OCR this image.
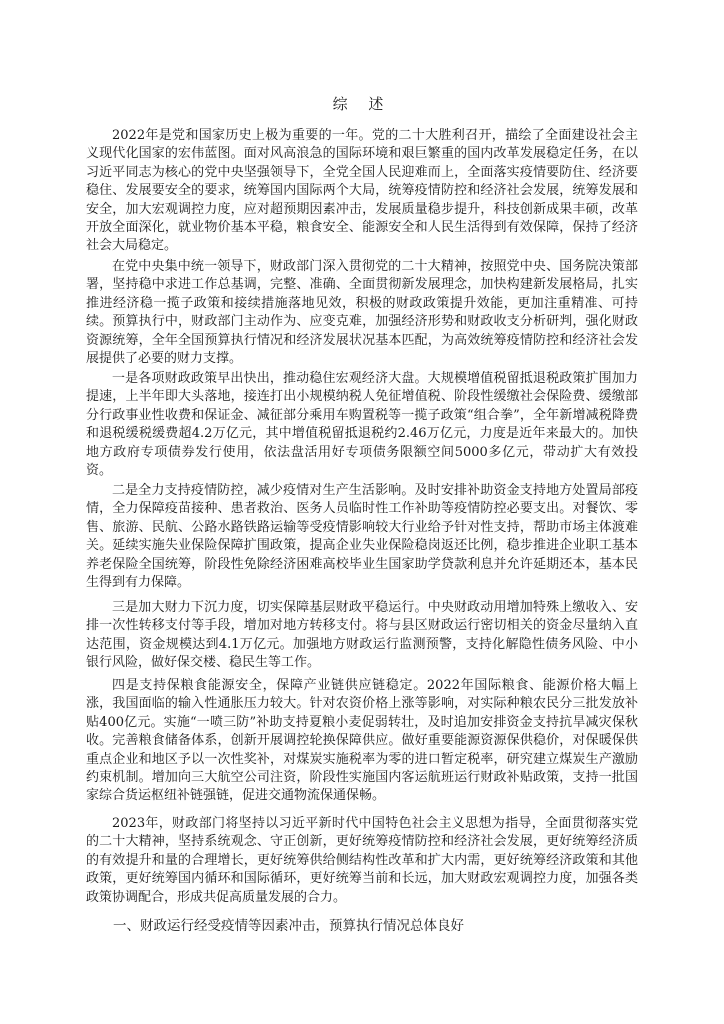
综 述

2022年是党和国家历史上极为重要的一年。党的二十大胜利召开，描绘了全面建设社会主义现代化国家的宏伟蓝图。面对风高浪急的国际环境和艰巨繁重的国内改革发展稳定任务，在以习近平同志为核心的党中央坚强领导下，全党全国人民迎难而上，全面落实疫情要防住、经济要稳住、发展要安全的要求，统筹国内国际两个大局，统筹疫情防控和经济社会发展，统筹发展和安全，加大宏观调控力度，应对超预期因素冲击，发展质量稳步提升，科技创新成果丰硕，改革开放全面深化，就业物价基本平稳，粮食安全、能源安全和人民生活得到有效保障，保持了经济社会大局稳定。

在党中央集中统一领导下，财政部门深入贯彻党的二十大精神，按照党中央、国务院决策部署，坚持稳中求进工作总基调，完整、准确、全面贯彻新发展理念，加快构建新发展格局，扎实推进经济稳一揽子政策和接续措施落地见效，积极的财政政策提升效能，更加注重精准、可持续。预算执行中，财政部门主动作为、应变克难，加强经济形势和财政收支分析研判，强化财政资源统筹，全年全国预算执行情况和经济发展状况基本匹配，为高效统筹疫情防控和经济社会发展提供了必要的财力支撑。

一是各项财政政策早出快出，推动稳住宏观经济大盘。大规模增值税留抵退税政策扩围加力提速，上半年即大头落地，接连打出小规模纳税人免征增值税、阶段性缓缴社会保险费、缓缴部分行政事业性收费和保证金、减征部分乘用车购置税等一揽子政策“组合拳”，全年新增减税降费和退税缓税缓费超4.2万亿元，其中增值税留抵退税约2.46万亿元，力度是近年来最大的。加快地方政府专项债券发行使用，依法盘活用好专项债务限额空间5000多亿元，带动扩大有效投资。

二是全力支持疫情防控，减少疫情对生产生活影响。及时安排补助资金支持地方处置局部疫情，全力保障疫苗接种、患者救治、医务人员临时性工作补助等疫情防控必要支出。对餐饮、零售、旅游、民航、公路水路铁路运输等受疫情影响较大行业给予针对性支持，帮助市场主体渡难关。延续实施失业保险保障扩围政策，提高企业失业保险稳岗返还比例，稳步推进企业职工基本养老保险全国统筹，阶段性免除经济困难高校毕业生国家助学贷款利息并允许延期还本，基本民生得到有力保障。

三是加大财力下沉力度，切实保障基层财政平稳运行。中央财政动用增加特殊上缴收入、安排一次性转移支付等手段，增加对地方转移支付。将与县区财政运行密切相关的资金尽量纳入直达范围，资金规模达到4.1万亿元。加强地方财政运行监测预警，支持化解隐性债务风险、中小银行风险，做好保交楼、稳民生等工作。

四是支持保粮食能源安全，保障产业链供应链稳定。2022年国际粮食、能源价格大幅上涨，我国面临的输入性通胀压力较大。针对农资价格上涨等影响，对实际种粮农民分三批发放补贴400亿元。实施“一喷三防”补助支持夏粮小麦促弱转壮，及时追加安排资金支持抗旱减灾保秋收。完善粮食储备体系，创新开展调控轮换保障供应。做好重要能源资源保供稳价，对保暖保供重点企业和地区予以一次性奖补，对煤炭实施税率为零的进口暂定税率，研究建立煤炭生产激励约束机制。增加向三大航空公司注资，阶段性实施国内客运航班运行财政补贴政策，支持一批国家综合货运枢纽补链强链，促进交通物流保通保畅。

2023年，财政部门将坚持以习近平新时代中国特色社会主义思想为指导，全面贯彻落实党的二十大精神，坚持系统观念、守正创新，更好统筹疫情防控和经济社会发展，更好统筹经济质的有效提升和量的合理增长，更好统筹供给侧结构性改革和扩大内需，更好统筹经济政策和其他政策，更好统筹国内循环和国际循环，更好统筹当前和长远，加大财政宏观调控力度，加强各类政策协调配合，形成共促高质量发展的合力。

一、财政运行经受疫情等因素冲击，预算执行情况总体良好
